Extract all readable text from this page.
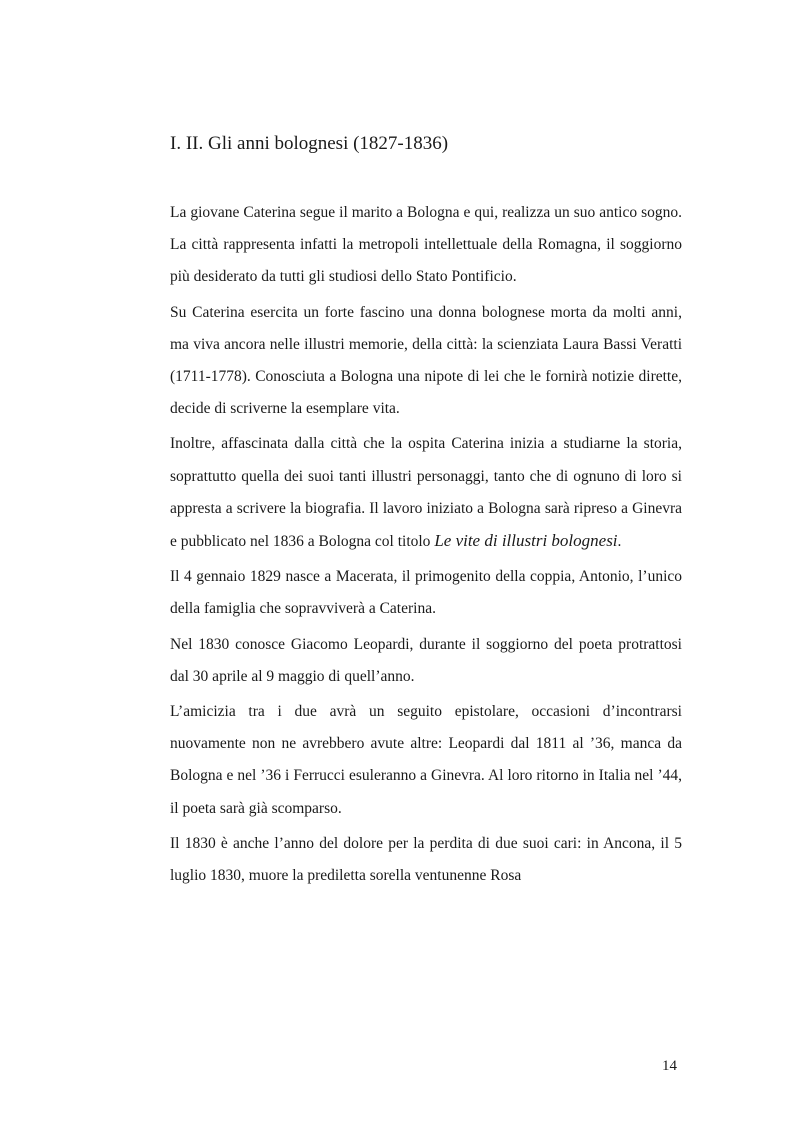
I. II. Gli anni bolognesi (1827-1836)

La giovane Caterina segue il marito a Bologna e qui, realizza un suo antico sogno. La città rappresenta infatti la metropoli intellettuale della Romagna, il soggiorno più desiderato da tutti gli studiosi dello Stato Pontificio.

Su Caterina esercita un forte fascino una donna bolognese morta da molti anni, ma viva ancora nelle illustri memorie, della città: la scienziata Laura Bassi Veratti (1711-1778). Conosciuta a Bologna una nipote di lei che le fornirà notizie dirette, decide di scriverne la esemplare vita.

Inoltre, affascinata dalla città che la ospita Caterina inizia a studiarne la storia, soprattutto quella dei suoi tanti illustri personaggi, tanto che di ognuno di loro si appresta a scrivere la biografia. Il lavoro iniziato a Bologna sarà ripreso a Ginevra e pubblicato nel 1836 a Bologna col titolo Le vite di illustri bolognesi.

Il 4 gennaio 1829 nasce a Macerata, il primogenito della coppia, Antonio, l’unico della famiglia che sopravviverà a Caterina.

Nel 1830 conosce Giacomo Leopardi, durante il soggiorno del poeta protrattosi dal 30 aprile al 9 maggio di quell’anno.

L’amicizia tra i due avrà un seguito epistolare, occasioni d’incontrarsi nuovamente non ne avrebbero avute altre: Leopardi dal 1811 al ’36, manca da Bologna e nel ’36 i Ferrucci esuleranno a Ginevra. Al loro ritorno in Italia nel ’44, il poeta sarà già scomparso.

Il 1830 è anche l’anno del dolore per la perdita di due suoi cari: in Ancona, il 5 luglio 1830, muore la prediletta sorella ventunenne Rosa

14
